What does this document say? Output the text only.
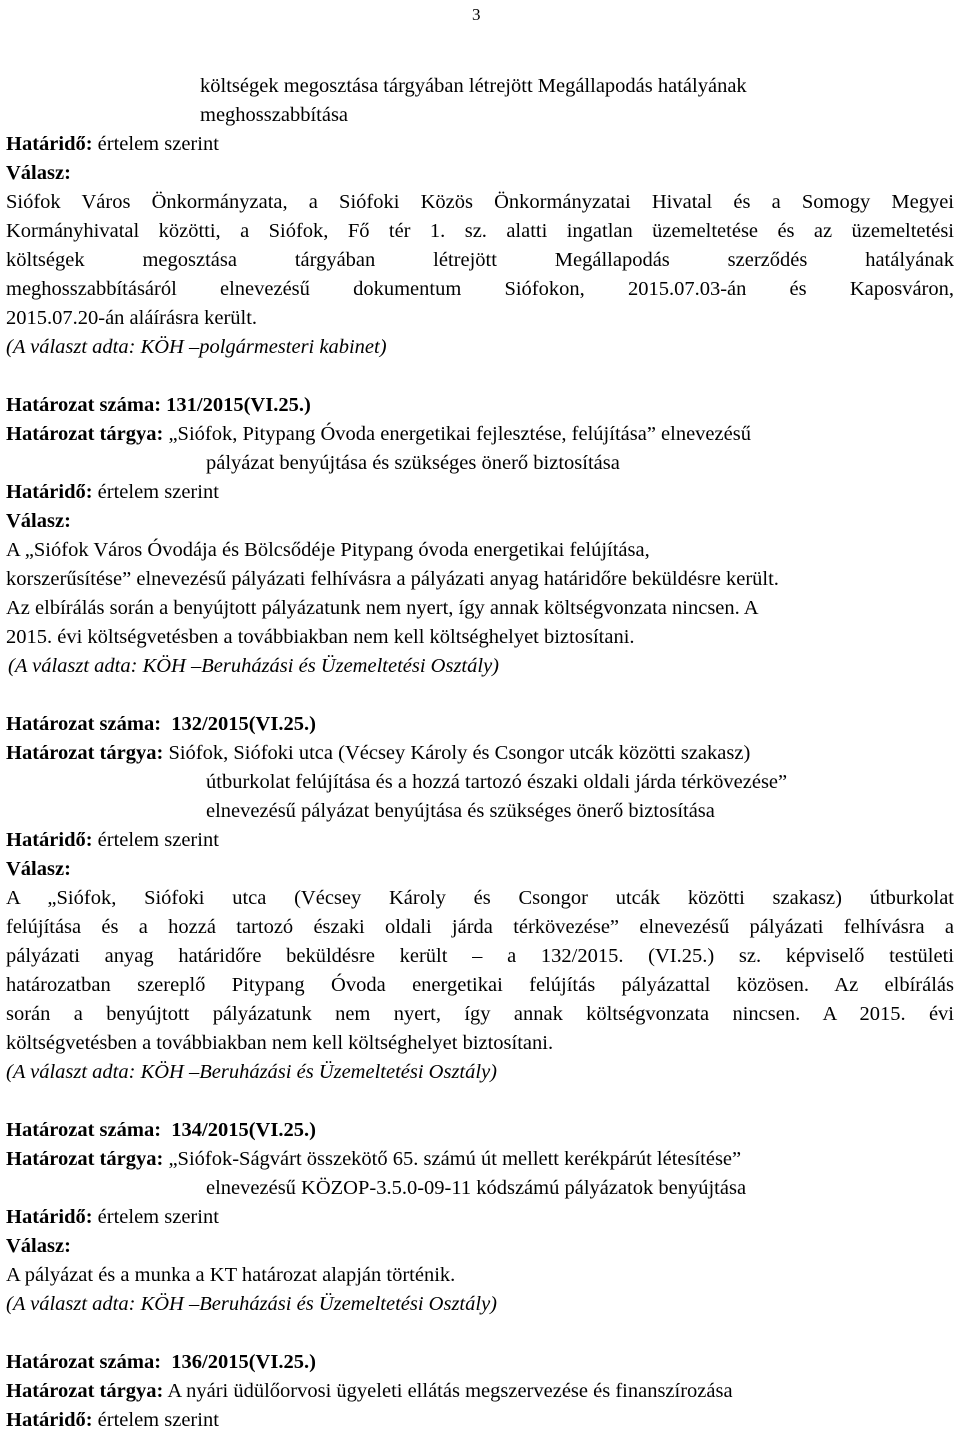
3
költségek megosztása tárgyában létrejött Megállapodás hatályának
meghosszabbítása
Határidő: értelem szerint
Válasz:
Siófok Város Önkormányzata, a Siófoki Közös Önkormányzatai Hivatal és a Somogy Megyei
Kormányhivatal közötti, a Siófok, Fő tér 1. sz. alatti ingatlan üzemeltetése és az üzemeltetési
költségek megosztása tárgyában létrejött Megállapodás szerződés hatályának
meghosszabbításáról elnevezésű dokumentum Siófokon, 2015.07.03-án és Kaposváron,
2015.07.20-án aláírásra került.
(A választ adta: KÖH –polgármesteri kabinet)
Határozat száma: 131/2015(VI.25.)
Határozat tárgya: „Siófok, Pitypang Óvoda energetikai fejlesztése, felújítása” elnevezésű
pályázat benyújtása és szükséges önerő biztosítása
Határidő: értelem szerint
Válasz:
A „Siófok Város Óvodája és Bölcsődéje Pitypang óvoda energetikai felújítása,
korszerűsítése” elnevezésű pályázati felhívásra a pályázati anyag határidőre beküldésre került.
Az elbírálás során a benyújtott pályázatunk nem nyert, így annak költségvonzata nincsen. A
2015. évi költségvetésben a továbbiakban nem kell költséghelyet biztosítani.
(A választ adta: KÖH –Beruházási és Üzemeltetési Osztály)
Határozat száma: 132/2015(VI.25.)
Határozat tárgya: Siófok, Siófoki utca (Vécsey Károly és Csongor utcák közötti szakasz)
útburkolat felújítása és a hozzá tartozó északi oldali járda térkövezése”
elnevezésű pályázat benyújtása és szükséges önerő biztosítása
Határidő: értelem szerint
Válasz:
A „Siófok, Siófoki utca (Vécsey Károly és Csongor utcák közötti szakasz) útburkolat
felújítása és a hozzá tartozó északi oldali járda térkövezése” elnevezésű pályázati felhívásra a
pályázati anyag határidőre beküldésre került – a 132/2015. (VI.25.) sz. képviselő testületi
határozatban szereplő Pitypang Óvoda energetikai felújítás pályázattal közösen. Az elbírálás
során a benyújtott pályázatunk nem nyert, így annak költségvonzata nincsen. A 2015. évi
költségvetésben a továbbiakban nem kell költséghelyet biztosítani.
(A választ adta: KÖH –Beruházási és Üzemeltetési Osztály)
Határozat száma: 134/2015(VI.25.)
Határozat tárgya: „Siófok-Ságvárt összekötő 65. számú út mellett kerékpárút létesítése”
elnevezésű KÖZOP-3.5.0-09-11 kódszámú pályázatok benyújtása
Határidő: értelem szerint
Válasz:
A pályázat és a munka a KT határozat alapján történik.
(A választ adta: KÖH –Beruházási és Üzemeltetési Osztály)
Határozat száma: 136/2015(VI.25.)
Határozat tárgya: A nyári üdülőorvosi ügyeleti ellátás megszervezése és finanszírozása
Határidő: értelem szerint
